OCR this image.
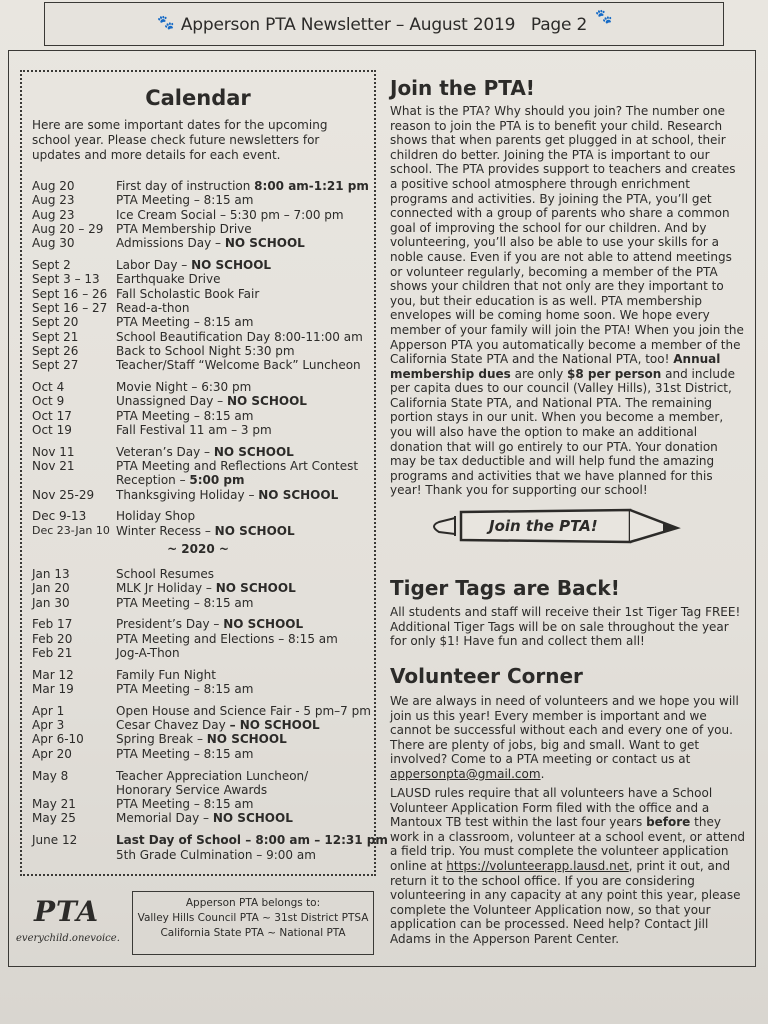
🐾 Apperson PTA Newsletter – August 2019 Page 2 🐾
Calendar
Here are some important dates for the upcoming school year. Please check future newsletters for updates and more details for each event.
Aug 20	First day of instruction 8:00 am-1:21 pm
Aug 23	PTA Meeting – 8:15 am
Aug 23	Ice Cream Social – 5:30 pm – 7:00 pm
Aug 20 – 29 PTA Membership Drive
Aug 30	Admissions Day – NO SCHOOL
Sept 2	Labor Day – NO SCHOOL
Sept 3 – 13 Earthquake Drive
Sept 16 – 26 Fall Scholastic Book Fair
Sept 16 – 27 Read-a-thon
Sept 20	PTA Meeting – 8:15 am
Sept 21	School Beautification Day 8:00-11:00 am
Sept 26	Back to School Night 5:30 pm
Sept 27	Teacher/Staff “Welcome Back” Luncheon
Oct 4	Movie Night – 6:30 pm
Oct 9	Unassigned Day – NO SCHOOL
Oct 17	PTA Meeting – 8:15 am
Oct 19	Fall Festival 11 am – 3 pm
Nov 11	Veteran’s Day – NO SCHOOL
Nov 21	PTA Meeting and Reflections Art Contest
Reception – 5:00 pm
Nov 25-29 Thanksgiving Holiday – NO SCHOOL
Dec 9-13 Holiday Shop
Dec 23-Jan 10 Winter Recess – NO SCHOOL
Jan 13	School Resumes
Jan 20	MLK Jr Holiday – NO SCHOOL
Jan 30	PTA Meeting – 8:15 am
Feb 17	President’s Day – NO SCHOOL
Feb 20	PTA Meeting and Elections – 8:15 am
Feb 21	Jog-A-Thon
Mar 12	Family Fun Night
Mar 19	PTA Meeting – 8:15 am
Apr 1	Open House and Science Fair - 5 pm–7 pm
Apr 3	Cesar Chavez Day – NO SCHOOL
Apr 6-10	Spring Break – NO SCHOOL
Apr 20	PTA Meeting – 8:15 am
May 8	Teacher Appreciation Luncheon/
Honorary Service Awards
May 21	PTA Meeting – 8:15 am
May 25	Memorial Day – NO SCHOOL
June 12	Last Day of School – 8:00 am – 12:31 pm
5th Grade Culmination – 9:00 am
~ 2020 ~
PTA
everychild.onevoice.
Apperson PTA belongs to:
Valley Hills Council PTA ~ 31st District PTSA
California State PTA ~ National PTA
Join the PTA!
What is the PTA? Why should you join? The number one reason to join the PTA is to benefit your child. Research shows that when parents get plugged in at school, their children do better. Joining the PTA is important to our school. The PTA provides support to teachers and creates a positive school atmosphere through enrichment programs and activities. By joining the PTA, you’ll get connected with a group of parents who share a common goal of improving the school for our children. And by volunteering, you’ll also be able to use your skills for a noble cause. Even if you are not able to attend meetings or volunteer regularly, becoming a member of the PTA shows your children that not only are they important to you, but their education is as well. PTA membership envelopes will be coming home soon. We hope every member of your family will join the PTA! When you join the Apperson PTA you automatically become a member of the California State PTA and the National PTA, too! Annual membership dues are only $8 per person and include per capita dues to our council (Valley Hills), 31st District, California State PTA, and National PTA. The remaining portion stays in our unit. When you become a member, you will also have the option to make an additional donation that will go entirely to our PTA. Your donation may be tax deductible and will help fund the amazing programs and activities that we have planned for this year! Thank you for supporting our school!
Tiger Tags are Back!
All students and staff will receive their 1st Tiger Tag FREE! Additional Tiger Tags will be on sale throughout the year for only $1! Have fun and collect them all!
Volunteer Corner
We are always in need of volunteers and we hope you will join us this year! Every member is important and we cannot be successful without each and every one of you. There are plenty of jobs, big and small. Want to get involved? Come to a PTA meeting or contact us at appersonpta@gmail.com.
LAUSD rules require that all volunteers have a School Volunteer Application Form filed with the office and a Mantoux TB test within the last four years before they work in a classroom, volunteer at a school event, or attend a field trip. You must complete the volunteer application online at https://volunteerapp.lausd.net, print it out, and return it to the school office. If you are considering volunteering in any capacity at any point this year, please complete the Volunteer Application now, so that your application can be processed. Need help? Contact Jill Adams in the Apperson Parent Center.
Join the PTA!
